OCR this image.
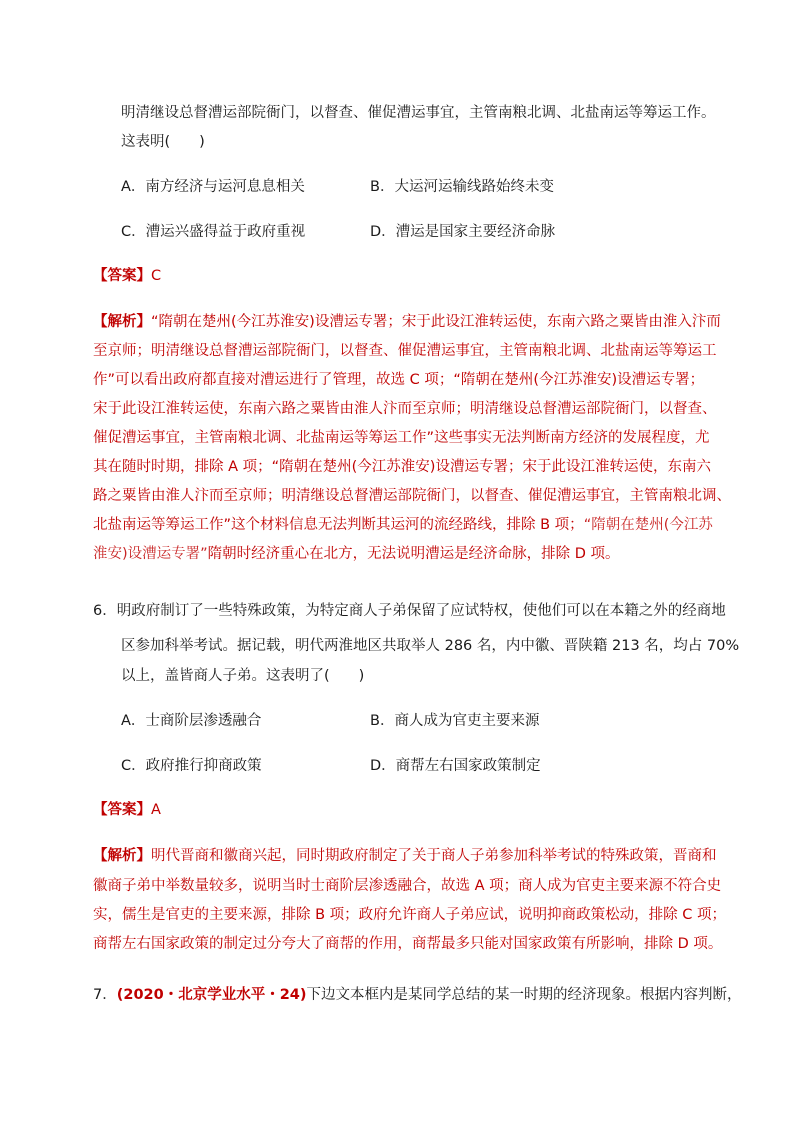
明清继设总督漕运部院衙门，以督查、催促漕运事宜，主管南粮北调、北盐南运等筹运工作。
这表明(　　)
A．南方经济与运河息息相关	B．大运河运输线路始终未变
C．漕运兴盛得益于政府重视	D．漕运是国家主要经济命脉
【答案】C
【解析】“隋朝在楚州(今江苏淮安)设漕运专署；宋于此设江淮转运使，东南六路之粟皆由淮入汴而
至京师；明清继设总督漕运部院衙门，以督查、催促漕运事宜，主管南粮北调、北盐南运等筹运工
作”可以看出政府都直接对漕运进行了管理，故选 C 项；“隋朝在楚州(今江苏淮安)设漕运专署；
宋于此设江淮转运使，东南六路之粟皆由淮人汴而至京师；明清继设总督漕运部院衙门，以督查、
催促漕运事宜，主管南粮北调、北盐南运等筹运工作”这些事实无法判断南方经济的发展程度，尤
其在随时时期，排除 A 项；“隋朝在楚州(今江苏淮安)设漕运专署；宋于此设江淮转运使，东南六
路之粟皆由淮人汴而至京师；明清继设总督漕运部院衙门，以督查、催促漕运事宜，主管南粮北调、
北盐南运等筹运工作”这个材料信息无法判断其运河的流经路线，排除 B 项；“隋朝在楚州(今江苏
淮安)设漕运专署”隋朝时经济重心在北方，无法说明漕运是经济命脉，排除 D 项。
6．明政府制订了一些特殊政策，为特定商人子弟保留了应试特权，使他们可以在本籍之外的经商地
区参加科举考试。据记载，明代两淮地区共取举人 286 名，内中徽、晋陕籍 213 名，均占 70%
以上，盖皆商人子弟。这表明了(　　)
A．士商阶层渗透融合	B．商人成为官吏主要来源
C．政府推行抑商政策	D．商帮左右国家政策制定
【答案】A
【解析】明代晋商和徽商兴起，同时期政府制定了关于商人子弟参加科举考试的特殊政策，晋商和
徽商子弟中举数量较多，说明当时士商阶层渗透融合，故选 A 项；商人成为官吏主要来源不符合史
实，儒生是官吏的主要来源，排除 B 项；政府允许商人子弟应试，说明抑商政策松动，排除 C 项；
商帮左右国家政策的制定过分夸大了商帮的作用，商帮最多只能对国家政策有所影响，排除 D 项。
7．(2020・北京学业水平・24)下边文本框内是某同学总结的某一时期的经济现象。根据内容判断，
